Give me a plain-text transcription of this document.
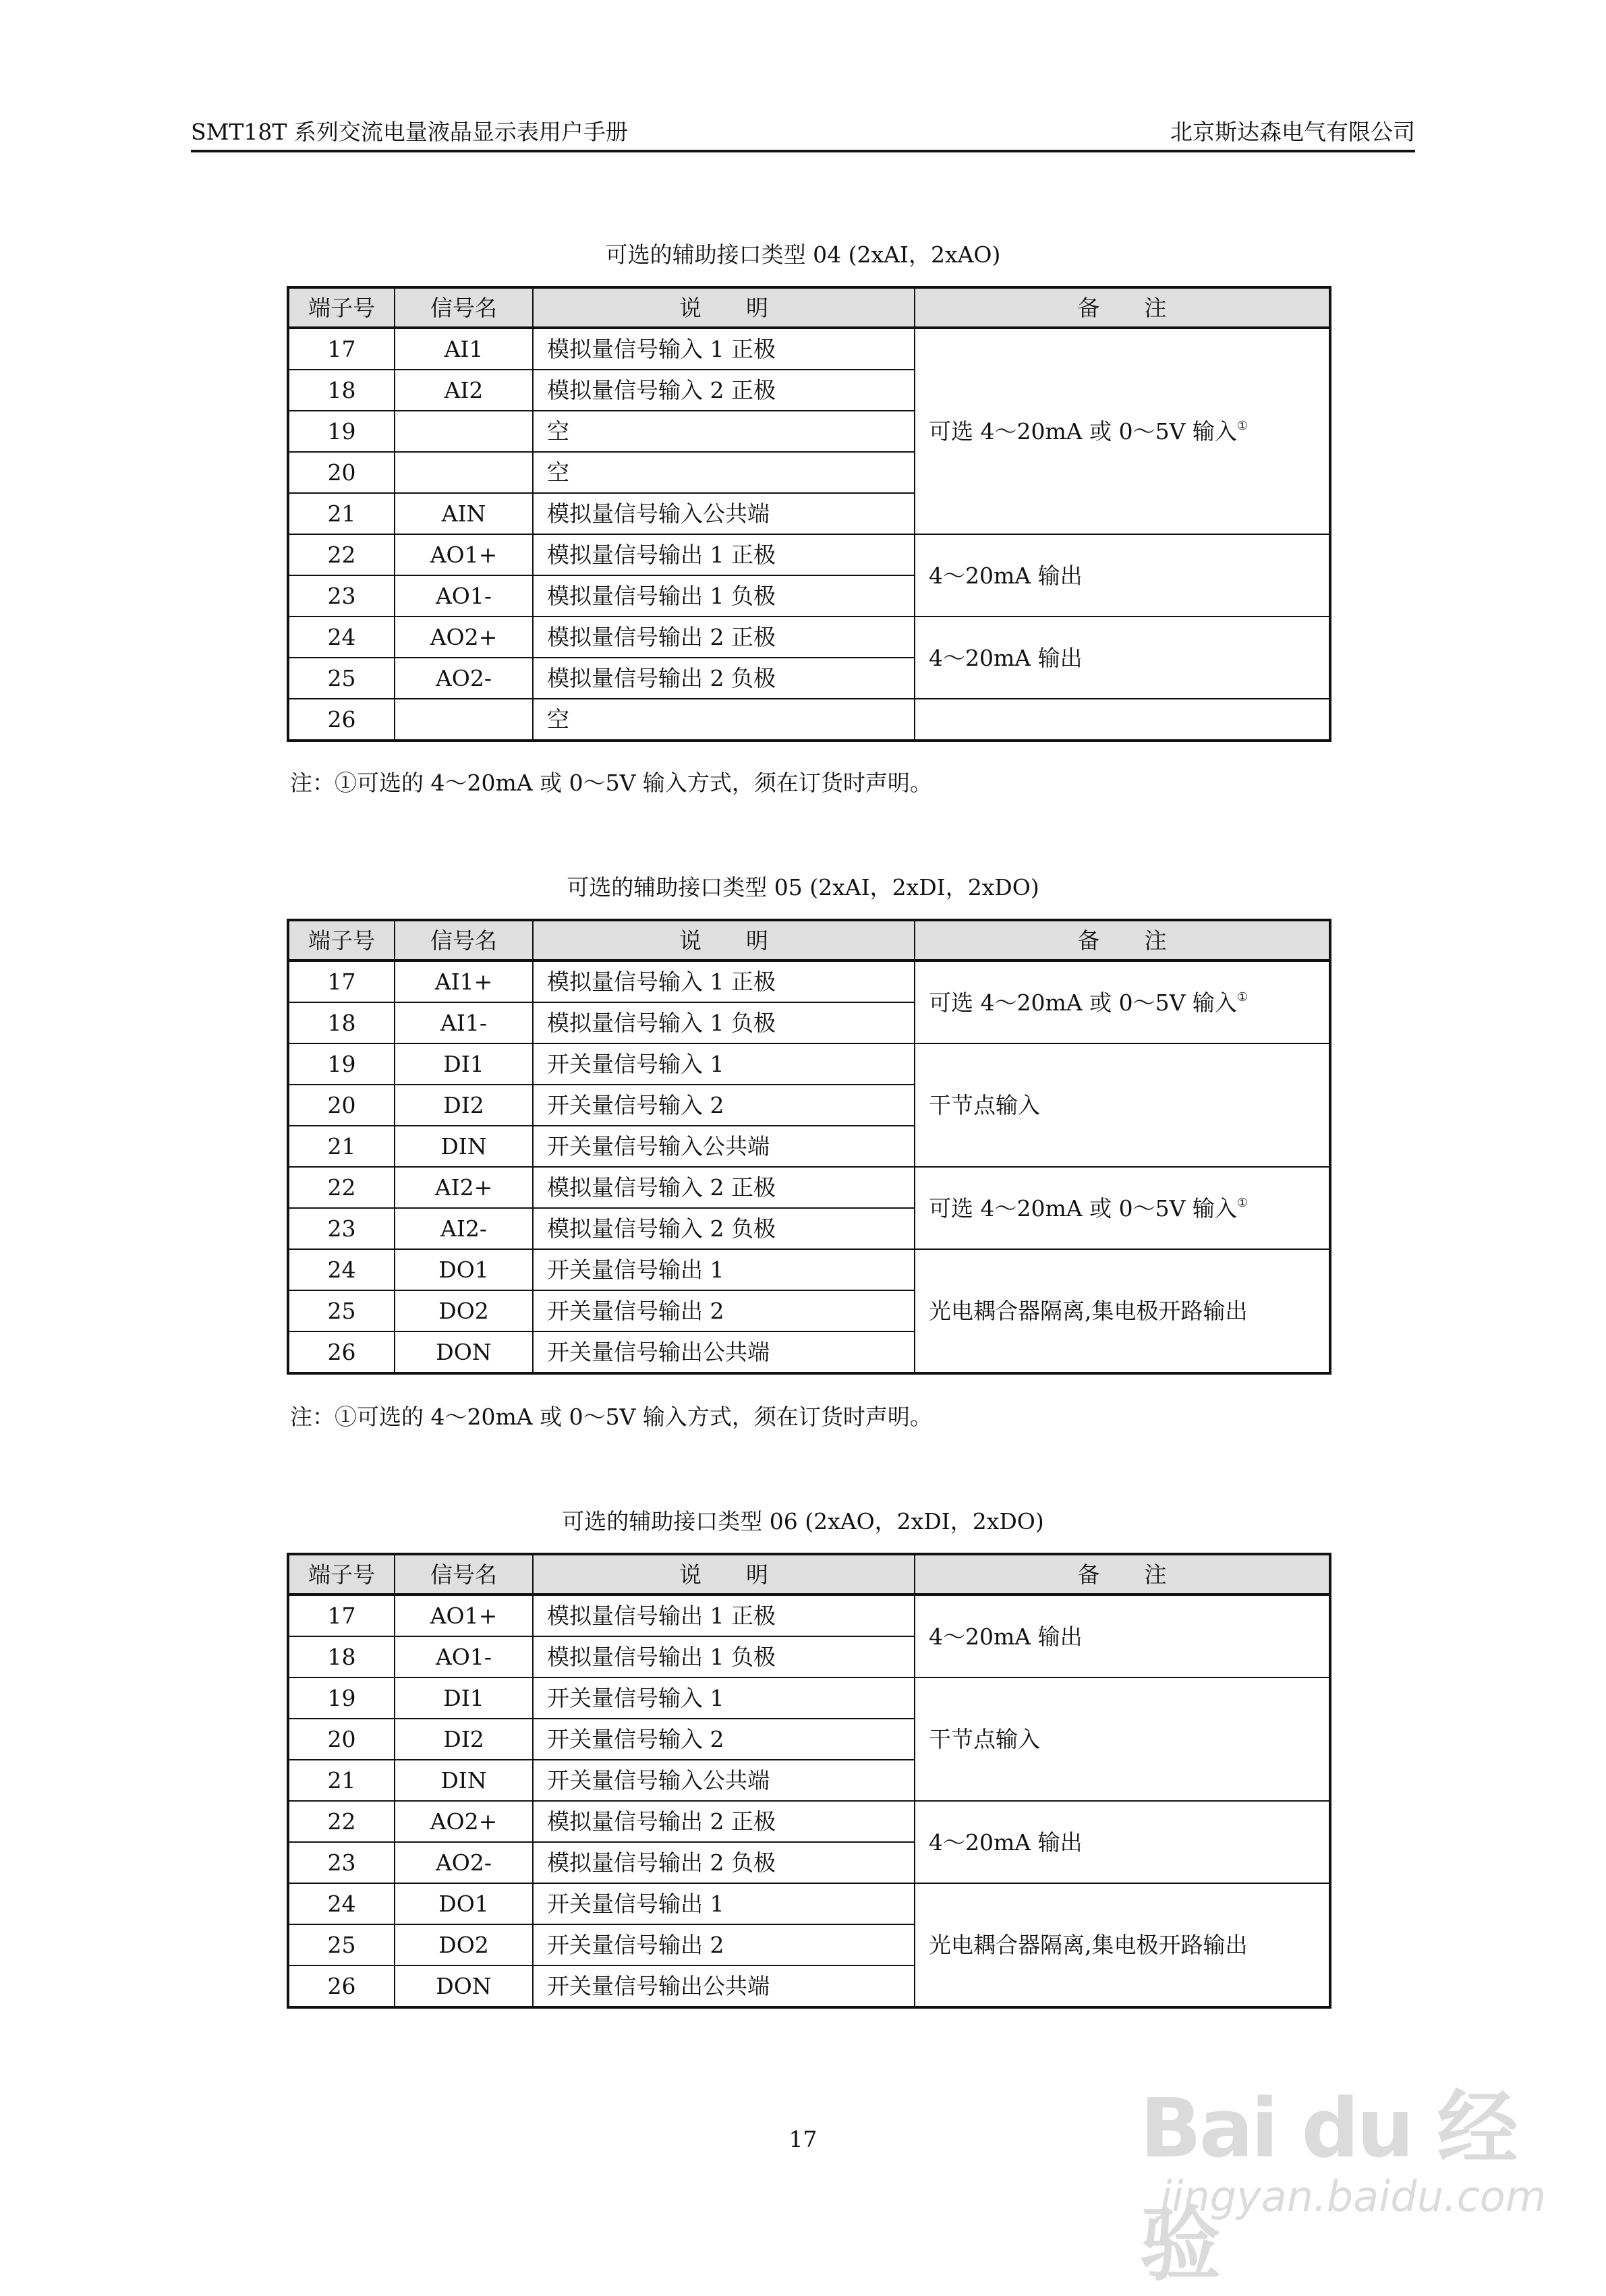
SMT18T 系列交流电量液晶显示表用户手册	北京斯达森电气有限公司
可选的辅助接口类型 04 (2xAI，2xAO)
端子号	信号名	说　　明	备　　注
17	AI1	模拟量信号输入 1 正极	可选 4～20mA 或 0～5V 输入①
18	AI2	模拟量信号输入 2 正极	
19		空	
20		空	
21	AIN	模拟量信号输入公共端	
22	AO1+	模拟量信号输出 1 正极	4～20mA 输出
23	AO1-	模拟量信号输出 1 负极	
24	AO2+	模拟量信号输出 2 正极	4～20mA 输出
25	AO2-	模拟量信号输出 2 负极	
26		空	
注：①可选的 4～20mA 或 0～5V 输入方式，须在订货时声明。
可选的辅助接口类型 05 (2xAI，2xDI，2xDO)
端子号	信号名	说　　明	备　　注
17	AI1+	模拟量信号输入 1 正极	可选 4～20mA 或 0～5V 输入①
18	AI1-	模拟量信号输入 1 负极	
19	DI1	开关量信号输入 1	干节点输入
20	DI2	开关量信号输入 2	
21	DIN	开关量信号输入公共端	
22	AI2+	模拟量信号输入 2 正极	可选 4～20mA 或 0～5V 输入①
23	AI2-	模拟量信号输入 2 负极	
24	DO1	开关量信号输出 1	光电耦合器隔离,集电极开路输出
25	DO2	开关量信号输出 2	
26	DON	开关量信号输出公共端	
注：①可选的 4～20mA 或 0～5V 输入方式，须在订货时声明。
可选的辅助接口类型 06 (2xAO，2xDI，2xDO)
端子号	信号名	说　　明	备　　注
17	AO1+	模拟量信号输出 1 正极	4～20mA 输出
18	AO1-	模拟量信号输出 1 负极	
19	DI1	开关量信号输入 1	干节点输入
20	DI2	开关量信号输入 2	
21	DIN	开关量信号输入公共端	
22	AO2+	模拟量信号输出 2 正极	4～20mA 输出
23	AO2-	模拟量信号输出 2 负极	
24	DO1	开关量信号输出 1	光电耦合器隔离,集电极开路输出
25	DO2	开关量信号输出 2	
26	DON	开关量信号输出公共端	
17	Bai du 经验
jingyan.baidu.com
